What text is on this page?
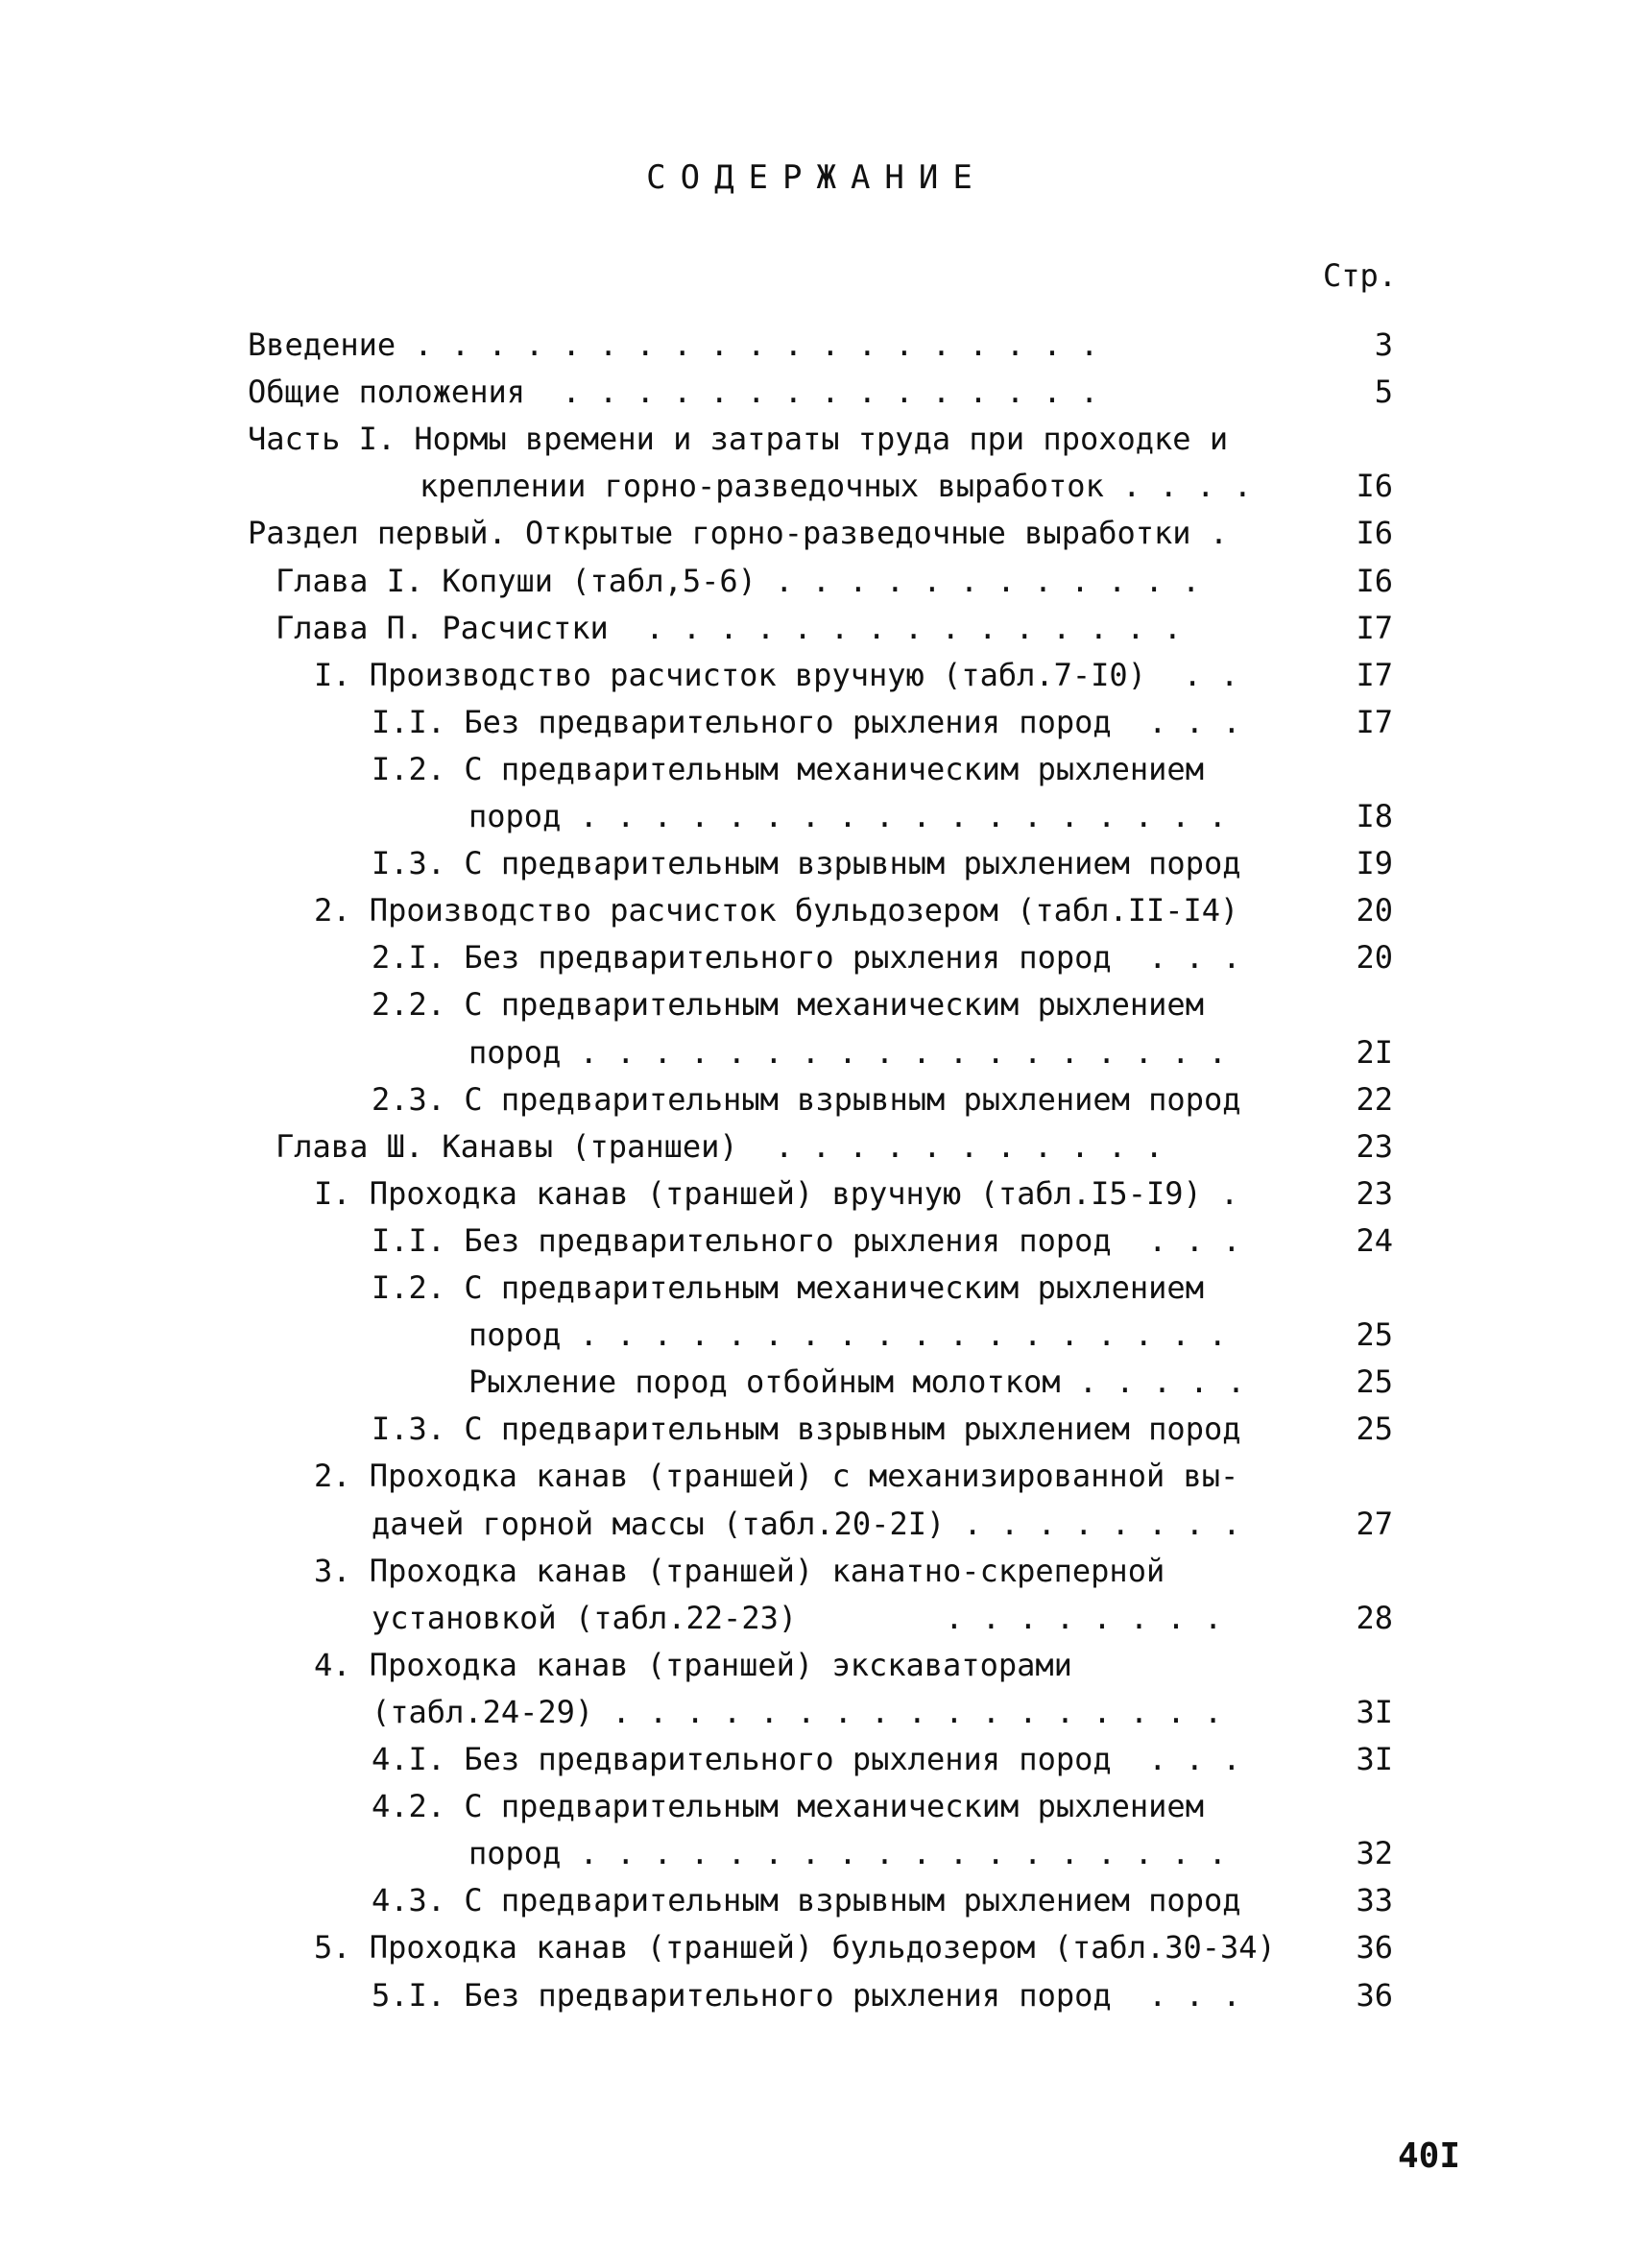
СОДЕРЖАНИЕ
Стр.
Введение . . . . . . . . . . . . . . . . . . .	3
Общие положения  . . . . . . . . . . . . . . .	5
Часть I. Нормы времени и затраты труда при проходке и
креплении горно-разведочных выработок . . . .	I6
Раздел первый. Открытые горно-разведочные выработки .	I6
Глава I. Копуши (табл,5-6) . . . . . . . . . . . .	I6
Глава П. Расчистки  . . . . . . . . . . . . . . .	I7
I. Производство расчисток вручную (табл.7-I0)  . .	I7
I.I. Без предварительного рыхления пород  . . .	I7
I.2. С предварительным механическим рыхлением
пород . . . . . . . . . . . . . . . . . .	I8
I.3. С предварительным взрывным рыхлением пород	I9
2. Производство расчисток бульдозером (табл.II-I4)	20
2.I. Без предварительного рыхления пород  . . .	20
2.2. С предварительным механическим рыхлением
пород . . . . . . . . . . . . . . . . . .	2I
2.3. С предварительным взрывным рыхлением пород	22
Глава Ш. Канавы (траншеи)  . . . . . . . . . . .	23
I. Проходка канав (траншей) вручную (табл.I5-I9) .	23
I.I. Без предварительного рыхления пород  . . .	24
I.2. С предварительным механическим рыхлением
пород . . . . . . . . . . . . . . . . . .	25
Рыхление пород отбойным молотком . . . . .	25
I.3. С предварительным взрывным рыхлением пород	25
2. Проходка канав (траншей) с механизированной вы-
дачей горной массы (табл.20-2I) . . . . . . . .	27
3. Проходка канав (траншей) канатно-скреперной
установкой (табл.22-23)        . . . . . . . .	28
4. Проходка канав (траншей) экскаваторами
(табл.24-29) . . . . . . . . . . . . . . . . .	3I
4.I. Без предварительного рыхления пород  . . .	3I
4.2. С предварительным механическим рыхлением
пород . . . . . . . . . . . . . . . . . .	32
4.3. С предварительным взрывным рыхлением пород	33
5. Проходка канав (траншей) бульдозером (табл.30-34)	36
5.I. Без предварительного рыхления пород  . . .	36
40I
